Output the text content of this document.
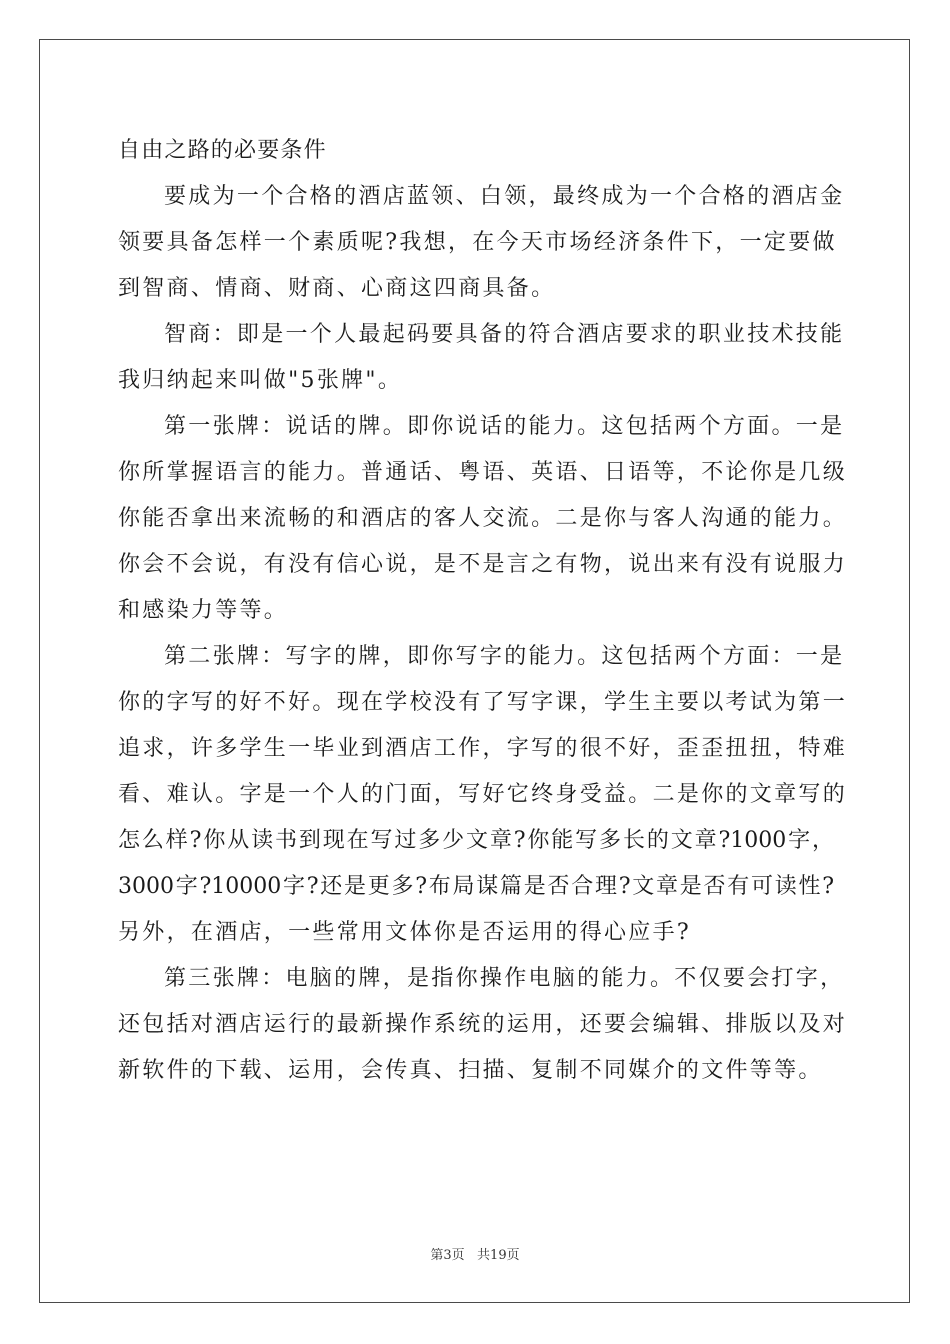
自由之路的必要条件
要成为一个合格的酒店蓝领、白领，最终成为一个合格的酒店金
领要具备怎样一个素质呢?我想，在今天市场经济条件下，一定要做
到智商、情商、财商、心商这四商具备。
智商：即是一个人最起码要具备的符合酒店要求的职业技术技能
我归纳起来叫做"5张牌"。
第一张牌：说话的牌。即你说话的能力。这包括两个方面。一是
你所掌握语言的能力。普通话、粤语、英语、日语等，不论你是几级
你能否拿出来流畅的和酒店的客人交流。二是你与客人沟通的能力。
你会不会说，有没有信心说，是不是言之有物，说出来有没有说服力
和感染力等等。
第二张牌：写字的牌，即你写字的能力。这包括两个方面：一是
你的字写的好不好。现在学校没有了写字课，学生主要以考试为第一
追求，许多学生一毕业到酒店工作，字写的很不好，歪歪扭扭，特难
看、难认。字是一个人的门面，写好它终身受益。二是你的文章写的
怎么样?你从读书到现在写过多少文章?你能写多长的文章?1000字，
3000字?10000字?还是更多?布局谋篇是否合理?文章是否有可读性?
另外，在酒店，一些常用文体你是否运用的得心应手?
第三张牌：电脑的牌，是指你操作电脑的能力。不仅要会打字，
还包括对酒店运行的最新操作系统的运用，还要会编辑、排版以及对
新软件的下载、运用，会传真、扫描、复制不同媒介的文件等等。
第3页   共19页
